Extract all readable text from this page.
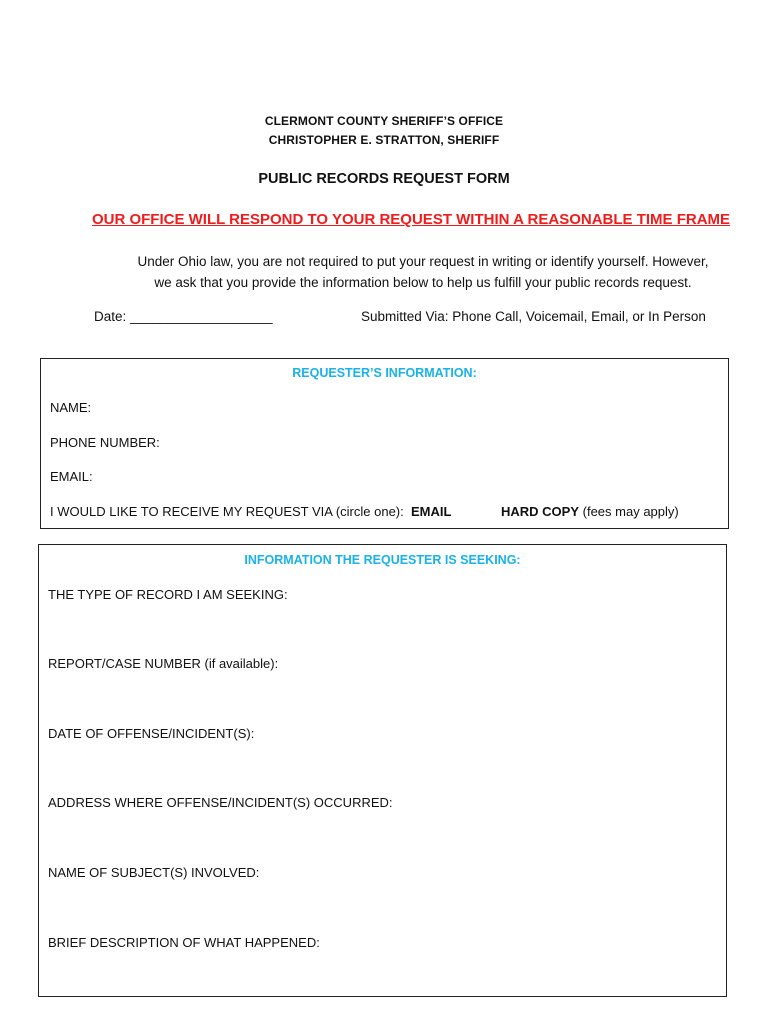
CLERMONT COUNTY SHERIFF’S OFFICE
CHRISTOPHER E. STRATTON, SHERIFF
PUBLIC RECORDS REQUEST FORM
OUR OFFICE WILL RESPOND TO YOUR REQUEST WITHIN A REASONABLE TIME FRAME
Under Ohio law, you are not required to put your request in writing or identify yourself. However,
we ask that you provide the information below to help us fulfill your public records request.
Date: ___________________	Submitted Via: Phone Call, Voicemail, Email, or In Person
REQUESTER’S INFORMATION:
NAME:
PHONE NUMBER:
EMAIL:
I WOULD LIKE TO RECEIVE MY REQUEST VIA (circle one): EMAIL	HARD COPY (fees may apply)
INFORMATION THE REQUESTER IS SEEKING:
THE TYPE OF RECORD I AM SEEKING:
REPORT/CASE NUMBER (if available):
DATE OF OFFENSE/INCIDENT(S):
ADDRESS WHERE OFFENSE/INCIDENT(S) OCCURRED:
NAME OF SUBJECT(S) INVOLVED:
BRIEF DESCRIPTION OF WHAT HAPPENED:
